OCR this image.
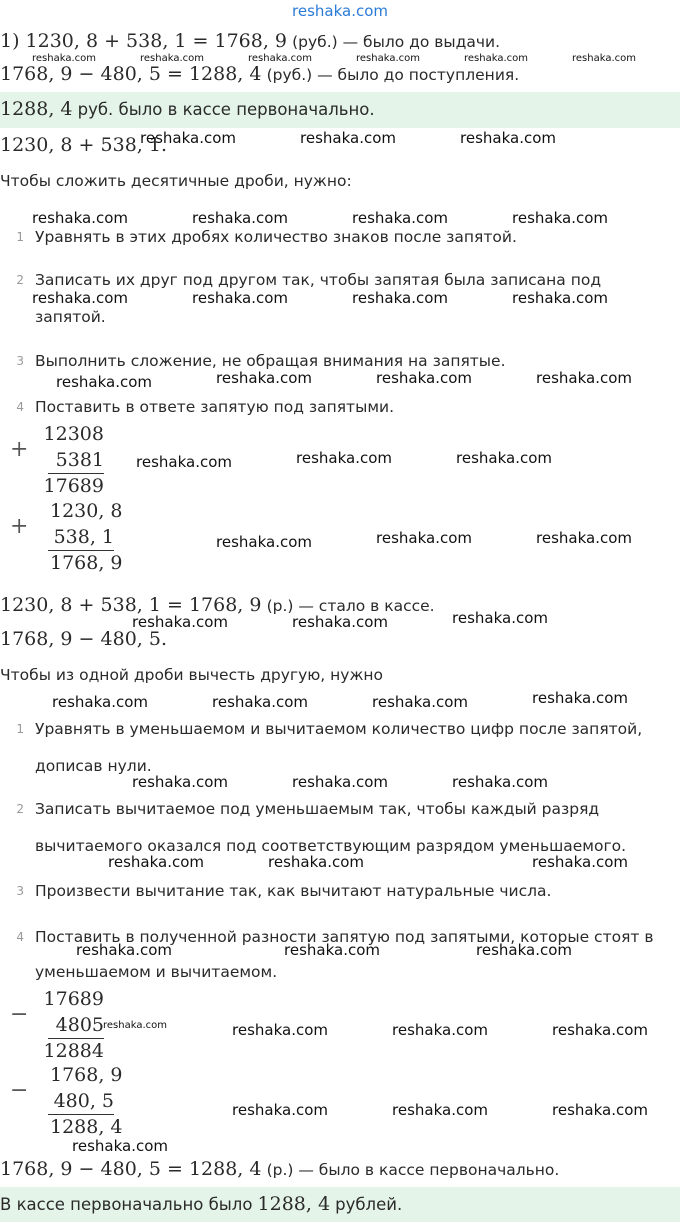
reshaka.com
1) 1230, 8 + 538, 1 = 1768, 9 (руб.) — было до выдачи.
reshaka.com	reshaka.com	reshaka.com	reshaka.com	reshaka.com	reshaka.com
1768, 9 − 480, 5 = 1288, 4 (руб.) — было до поступления.
1288, 4 руб. было в кассе первоначально.
1230, 8 + 538, 1.
reshaka.com	reshaka.com	reshaka.com
Чтобы сложить десятичные дроби, нужно:
reshaka.com	reshaka.com	reshaka.com	reshaka.com
1 Уравнять в этих дробях количество знаков после запятой.
2 Записать их друг под другом так, чтобы запятая была записана под
reshaka.com	reshaka.com	reshaka.com	reshaka.com
запятой.
3 Выполнить сложение, не обращая внимания на запятые.
reshaka.com	reshaka.com	reshaka.com	reshaka.com
4 Поставить в ответе запятую под запятыми.
+
12308
5381
17689
reshaka.com	reshaka.com	reshaka.com
+
1230, 8
538, 1
1768, 9
reshaka.com	reshaka.com	reshaka.com
1230, 8 + 538, 1 = 1768, 9 (р.) — стало в кассе.
reshaka.com	reshaka.com	reshaka.com
1768, 9 − 480, 5.
Чтобы из одной дроби вычесть другую, нужно
reshaka.com	reshaka.com	reshaka.com	reshaka.com
1 Уравнять в уменьшаемом и вычитаемом количество цифр после запятой,
дописав нули.
reshaka.com	reshaka.com	reshaka.com
2 Записать вычитаемое под уменьшаемым так, чтобы каждый разряд
вычитаемого оказался под соответствующим разрядом уменьшаемого.
reshaka.com	reshaka.com	reshaka.com
3 Произвести вычитание так, как вычитают натуральные числа.
4 Поставить в полученной разности запятую под запятыми, которые стоят в
reshaka.com	reshaka.com	reshaka.com
уменьшаемом и вычитаемом.
−
17689
4805
12884
reshaka.com	reshaka.com	reshaka.com	reshaka.com
−
1768, 9
480, 5
1288, 4
reshaka.com	reshaka.com	reshaka.com
reshaka.com
1768, 9 − 480, 5 = 1288, 4 (р.) — было в кассе первоначально.
В кассе первоначально было 1288, 4 рублей.
